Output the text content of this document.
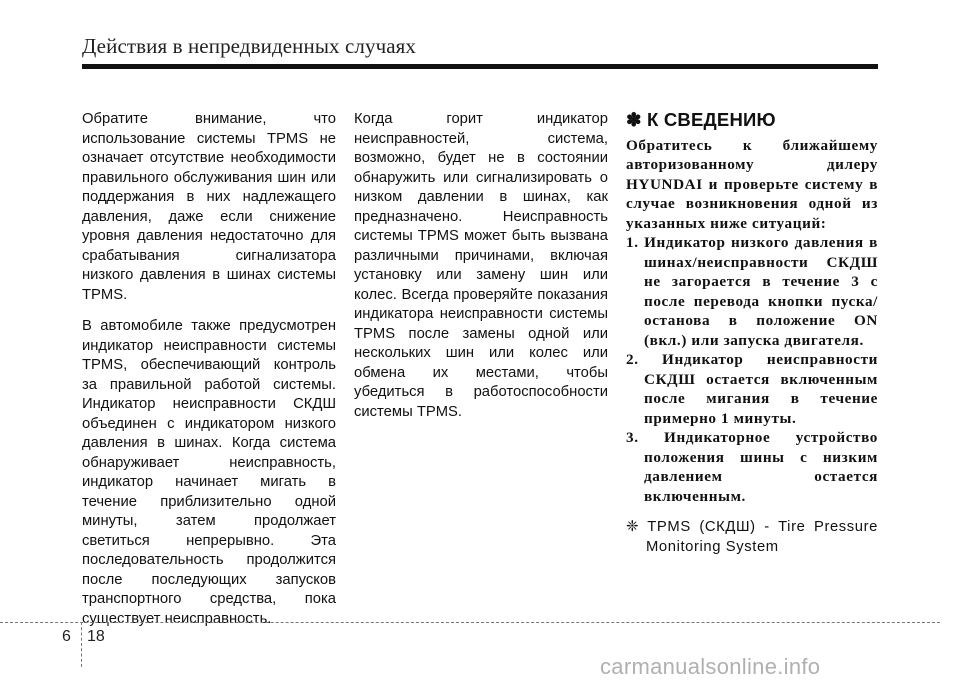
Действия в непредвиденных случаях

Обратите внимание, что использование системы TPMS не означает отсутствие необходимости правильного обслуживания шин или поддержания в них надлежащего давления, даже если снижение уровня давления недостаточно для срабатывания сигнализатора низкого давления в шинах системы TPMS.

В автомобиле также предусмотрен индикатор неисправности системы TPMS, обеспечивающий контроль за правильной работой системы. Индикатор неисправности СКДШ объединен с индикатором низкого давления в шинах. Когда система обнаруживает неисправность, индикатор начинает мигать в течение приблизительно одной минуты, затем продолжает светиться непрерывно. Эта последовательность продолжится после последующих запусков транспортного средства, пока существует неисправность.

Когда горит индикатор неисправностей, система, возможно, будет не в состоянии обнаружить или сигнализировать о низком давлении в шинах, как предназначено. Неисправность системы TPMS может быть вызвана различными причинами, включая установку или замену шин или колес. Всегда проверяйте показания индикатора неисправности системы TPMS после замены одной или нескольких шин или колес или обмена их местами, чтобы убедиться в работоспособности системы TPMS.

✽ К СВЕДЕНИЮ

Обратитесь к ближайшему авторизованному дилеру HYUNDAI и проверьте систему в случае возникновения одной из указанных ниже ситуаций:

1. Индикатор низкого давления в шинах/неисправности СКДШ не загорается в течение 3 с после перевода кнопки пуска/останова в положение ON (вкл.) или запуска двигателя.
2. Индикатор неисправности СКДШ остается включенным после мигания в течение примерно 1 минуты.
3. Индикаторное устройство положения шины с низким давлением остается включенным.
❈ TPMS (СКДШ) - Tire Pressure Monitoring System
6 18
carmanualsonline.info
